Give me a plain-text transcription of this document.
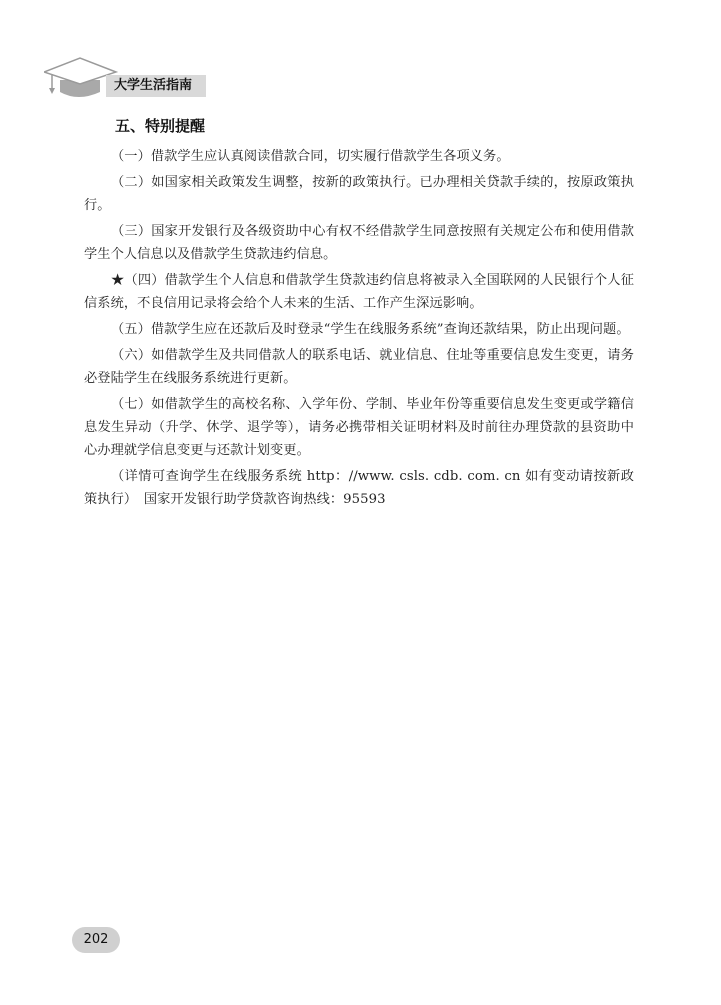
大学生活指南
五、特别提醒

（一）借款学生应认真阅读借款合同，切实履行借款学生各项义务。

（二）如国家相关政策发生调整，按新的政策执行。已办理相关贷款手续的，按原政策执行。

（三）国家开发银行及各级资助中心有权不经借款学生同意按照有关规定公布和使用借款学生个人信息以及借款学生贷款违约信息。

★（四）借款学生个人信息和借款学生贷款违约信息将被录入全国联网的人民银行个人征信系统，不良信用记录将会给个人未来的生活、工作产生深远影响。

（五）借款学生应在还款后及时登录“学生在线服务系统”查询还款结果，防止出现问题。

（六）如借款学生及共同借款人的联系电话、就业信息、住址等重要信息发生变更，请务必登陆学生在线服务系统进行更新。

（七）如借款学生的高校名称、入学年份、学制、毕业年份等重要信息发生变更或学籍信息发生异动（升学、休学、退学等），请务必携带相关证明材料及时前往办理贷款的县资助中心办理就学信息变更与还款计划变更。

（详情可查询学生在线服务系统 http：//www. csls. cdb. com. cn 如有变动请按新政策执行）　国家开发银行助学贷款咨询热线：95593

202
